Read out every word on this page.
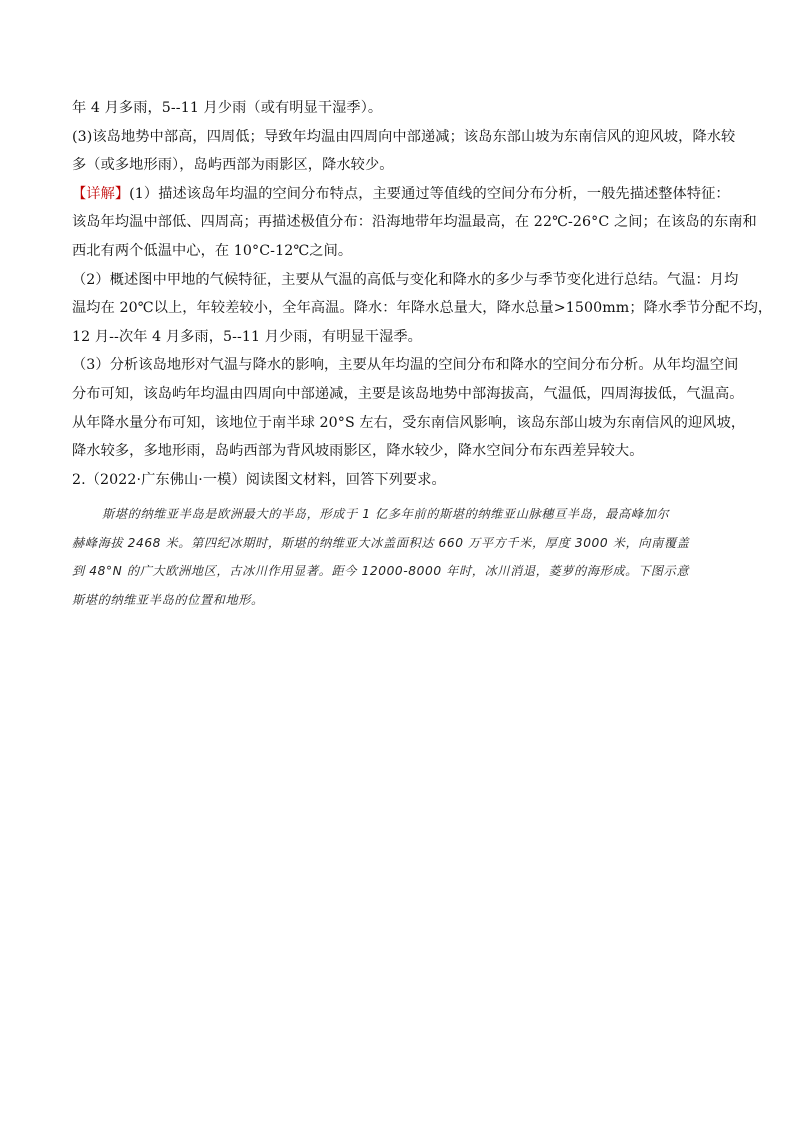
年 4 月多雨，5--11 月少雨（或有明显干湿季）。
(3)该岛地势中部高，四周低；导致年均温由四周向中部递减；该岛东部山坡为东南信风的迎风坡，降水较
多（或多地形雨），岛屿西部为雨影区，降水较少。
【详解】(1）描述该岛年均温的空间分布特点，主要通过等值线的空间分布分析，一般先描述整体特征：
该岛年均温中部低、四周高；再描述极值分布：沿海地带年均温最高，在 22℃-26°C 之间；在该岛的东南和
西北有两个低温中心，在 10°C-12℃之间。
（2）概述图中甲地的气候特征，主要从气温的高低与变化和降水的多少与季节变化进行总结。气温：月均
温均在 20℃以上，年较差较小，全年高温。降水：年降水总量大，降水总量>1500mm；降水季节分配不均，
12 月--次年 4 月多雨，5--11 月少雨，有明显干湿季。
（3）分析该岛地形对气温与降水的影响，主要从年均温的空间分布和降水的空间分布分析。从年均温空间
分布可知，该岛屿年均温由四周向中部递减，主要是该岛地势中部海拔高，气温低，四周海拔低，气温高。
从年降水量分布可知，该地位于南半球 20°S 左右，受东南信风影响，该岛东部山坡为东南信风的迎风坡，
降水较多，多地形雨，岛屿西部为背风坡雨影区，降水较少，降水空间分布东西差异较大。
2.（2022·广东佛山·一模）阅读图文材料，回答下列要求。
斯堪的纳维亚半岛是欧洲最大的半岛，形成于 1 亿多年前的斯堪的纳维亚山脉穗亘半岛，最高峰加尔
赫峰海拔 2468 米。第四纪冰期时，斯堪的纳维亚大冰盖面积达 660 万平方千米，厚度 3000 米，向南覆盖
到 48°N 的广大欧洲地区，古冰川作用显著。距今 12000-8000 年时，冰川消退，菱萝的海形成。下图示意
斯堪的纳维亚半岛的位置和地形。
